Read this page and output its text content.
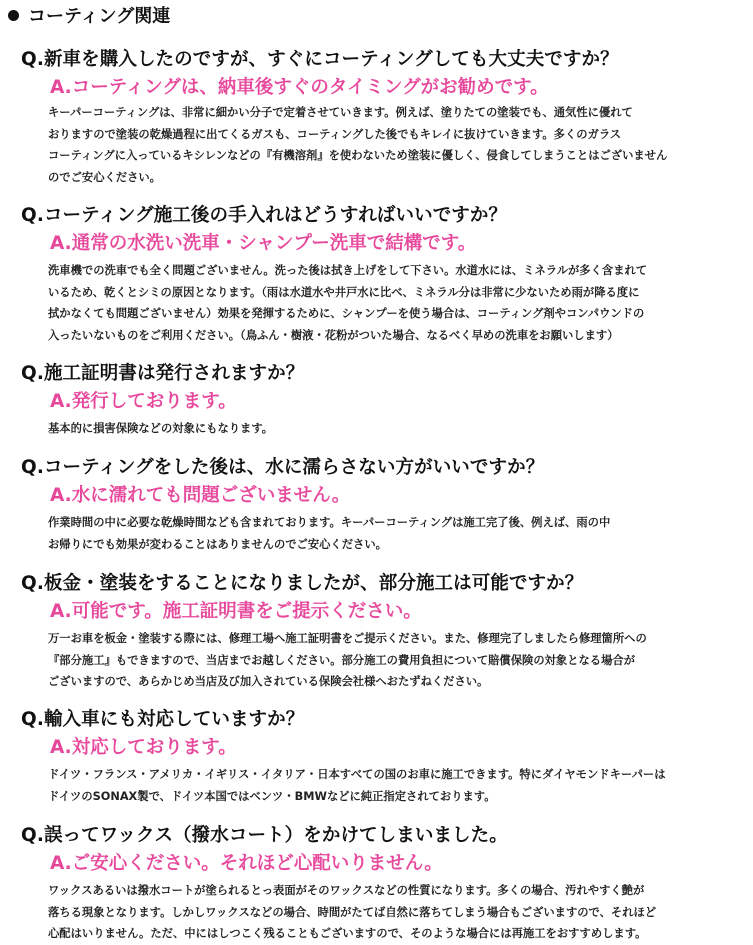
コーティング関連
Q.新車を購入したのですが、すぐにコーティングしても大丈夫ですか？
A.コーティングは、納車後すぐのタイミングがお勧めです。
キーパーコーティングは、非常に細かい分子で定着させていきます。例えば、塗りたての塗装でも、通気性に優れて
おりますので塗装の乾燥過程に出てくるガスも、コーティングした後でもキレイに抜けていきます。多くのガラス
コーティングに入っているキシレンなどの『有機溶剤』を使わないため塗装に優しく、侵食してしまうことはございません
のでご安心ください。
Q.コーティング施工後の手入れはどうすればいいですか？
A.通常の水洗い洗車・シャンプー洗車で結構です。
洗車機での洗車でも全く問題ございません。洗った後は拭き上げをして下さい。水道水には、ミネラルが多く含まれて
いるため、乾くとシミの原因となります。（雨は水道水や井戸水に比べ、ミネラル分は非常に少ないため雨が降る度に
拭かなくても問題ございません）効果を発揮するために、シャンプーを使う場合は、コーティング剤やコンパウンドの
入ったいないものをご利用ください。（鳥ふん・樹液・花粉がついた場合、なるべく早めの洗車をお願いします）
Q.施工証明書は発行されますか？
A.発行しております。
基本的に損害保険などの対象にもなります。
Q.コーティングをした後は、水に濡らさない方がいいですか？
A.水に濡れても問題ございません。
作業時間の中に必要な乾燥時間なども含まれております。キーパーコーティングは施工完了後、例えば、雨の中
お帰りにでも効果が変わることはありませんのでご安心ください。
Q.板金・塗装をすることになりましたが、部分施工は可能ですか？
A.可能です。施工証明書をご提示ください。
万一お車を板金・塗装する際には、修理工場へ施工証明書をご提示ください。また、修理完了しましたら修理箇所への
『部分施工』もできますので、当店までお越しください。部分施工の費用負担について賠償保険の対象となる場合が
ございますので、あらかじめ当店及び加入されている保険会社様へおたずねください。
Q.輸入車にも対応していますか？
A.対応しております。
ドイツ・フランス・アメリカ・イギリス・イタリア・日本すべての国のお車に施工できます。特にダイヤモンドキーパーは
ドイツのSONAX製で、ドイツ本国ではベンツ・BMWなどに純正指定されております。
Q.誤ってワックス（撥水コート）をかけてしまいました。
A.ご安心ください。それほど心配いりません。
ワックスあるいは撥水コートが塗られるとっ表面がそのワックスなどの性質になります。多くの場合、汚れやすく艶が
落ちる現象となります。しかしワックスなどの場合、時間がたてば自然に落ちてしまう場合もございますので、それほど
心配はいりません。ただ、中にはしつこく残ることもございますので、そのような場合には再施工をおすすめします。
